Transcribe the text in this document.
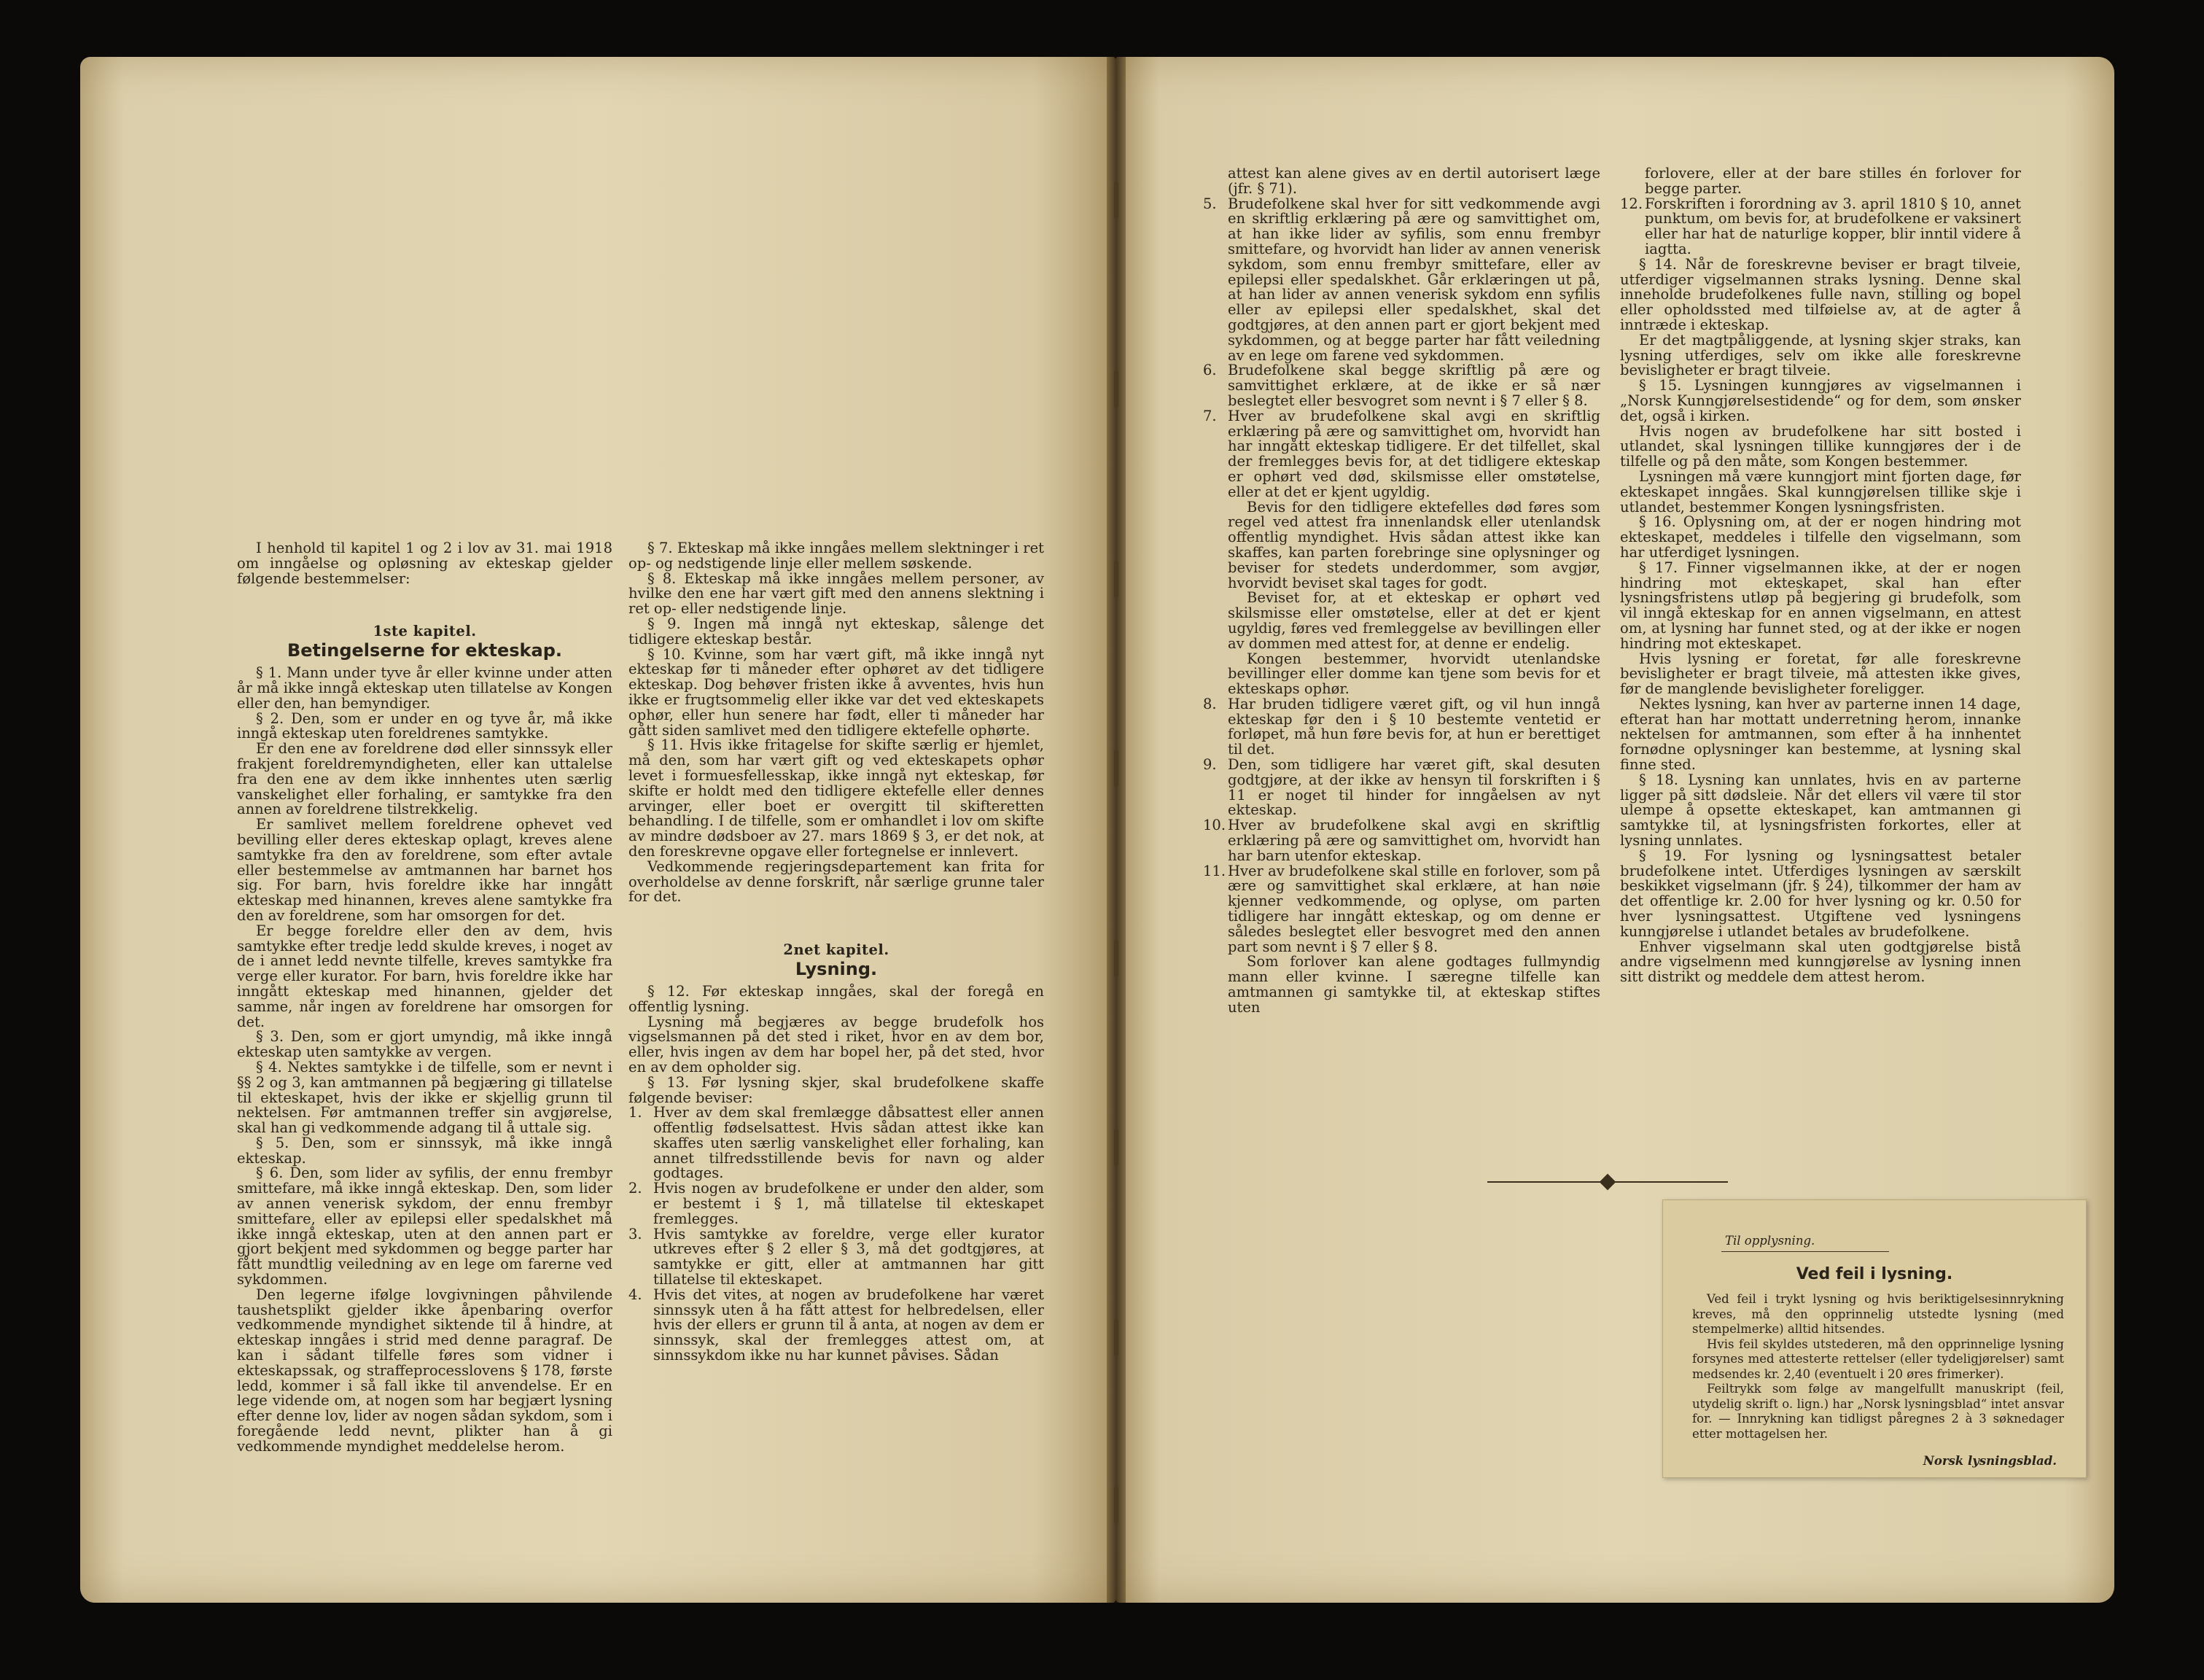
I henhold til kapitel 1 og 2 i lov av 31. mai 1918 om inngåelse og opløsning av ekteskap gjelder følgende bestemmelser:

1ste kapitel.

Betingelserne for ekteskap.

§ 1. Mann under tyve år eller kvinne under atten år må ikke inngå ekteskap uten tillatelse av Kongen eller den, han bemyndiger.

§ 2. Den, som er under en og tyve år, må ikke inngå ekteskap uten foreldrenes samtykke.

Er den ene av foreldrene død eller sinnssyk eller frakjent foreldremyndigheten, eller kan uttalelse fra den ene av dem ikke innhentes uten særlig vanskelighet eller forhaling, er samtykke fra den annen av foreldrene tilstrekkelig.

Er samlivet mellem foreldrene ophevet ved bevilling eller deres ekteskap oplagt, kreves alene samtykke fra den av foreldrene, som efter avtale eller bestemmelse av amtmannen har barnet hos sig. For barn, hvis foreldre ikke har inngått ekteskap med hinannen, kreves alene samtykke fra den av foreldrene, som har omsorgen for det.

Er begge foreldre eller den av dem, hvis samtykke efter tredje ledd skulde kreves, i noget av de i annet ledd nevnte tilfelle, kreves samtykke fra verge eller kurator. For barn, hvis foreldre ikke har inngått ekteskap med hinannen, gjelder det samme, når ingen av foreldrene har omsorgen for det.

§ 3. Den, som er gjort umyndig, må ikke inngå ekteskap uten samtykke av vergen.

§ 4. Nektes samtykke i de tilfelle, som er nevnt i §§ 2 og 3, kan amtmannen på begjæring gi tillatelse til ekteskapet, hvis der ikke er skjellig grunn til nektelsen. Før amtmannen treffer sin avgjørelse, skal han gi vedkommende adgang til å uttale sig.

§ 5. Den, som er sinnssyk, må ikke inngå ekteskap.

§ 6. Den, som lider av syfilis, der ennu frembyr smittefare, må ikke inngå ekteskap. Den, som lider av annen venerisk sykdom, der ennu frembyr smittefare, eller av epilepsi eller spedalskhet må ikke inngå ekteskap, uten at den annen part er gjort bekjent med sykdommen og begge parter har fått mundtlig veiledning av en lege om farerne ved sykdommen.

Den legerne ifølge lovgivningen påhvilende taushetsplikt gjelder ikke åpenbaring overfor vedkommende myndighet siktende til å hindre, at ekteskap inngåes i strid med denne paragraf. De kan i sådant tilfelle føres som vidner i ekteskapssak, og straffeprocesslovens § 178, første ledd, kommer i så fall ikke til anvendelse. Er en lege vidende om, at nogen som har begjært lysning efter denne lov, lider av nogen sådan sykdom, som i foregående ledd nevnt, plikter han å gi vedkommende myndighet meddelelse herom.

§ 7. Ekteskap må ikke inngåes mellem slektninger i ret op- og nedstigende linje eller mellem søskende.

§ 8. Ekteskap må ikke inngåes mellem personer, av hvilke den ene har vært gift med den annens slektning i ret op- eller nedstigende linje.

§ 9. Ingen må inngå nyt ekteskap, sålenge det tidligere ekteskap består.

§ 10. Kvinne, som har vært gift, må ikke inngå nyt ekteskap før ti måneder efter ophøret av det tidligere ekteskap. Dog behøver fristen ikke å avventes, hvis hun ikke er frugtsommelig eller ikke var det ved ekteskapets ophør, eller hun senere har født, eller ti måneder har gått siden samlivet med den tidligere ektefelle ophørte.

§ 11. Hvis ikke fritagelse for skifte særlig er hjemlet, må den, som har vært gift og ved ekteskapets ophør levet i formuesfellesskap, ikke inngå nyt ekteskap, før skifte er holdt med den tidligere ektefelle eller dennes arvinger, eller boet er overgitt til skifteretten behandling. I de tilfelle, som er omhandlet i lov om skifte av mindre dødsboer av 27. mars 1869 § 3, er det nok, at den foreskrevne opgave eller fortegnelse er innlevert.

Vedkommende regjeringsdepartement kan frita for overholdelse av denne forskrift, når særlige grunne taler for det.

2net kapitel.

Lysning.

§ 12. Før ekteskap inngåes, skal der foregå en offentlig lysning.

Lysning må begjæres av begge brudefolk hos vigselsmannen på det sted i riket, hvor en av dem bor, eller, hvis ingen av dem har bopel her, på det sted, hvor en av dem opholder sig.

§ 13. Før lysning skjer, skal brudefolkene skaffe følgende beviser:

1. Hver av dem skal fremlægge dåbsattest eller annen offentlig fødselsattest. Hvis sådan attest ikke kan skaffes uten særlig vanskelighet eller forhaling, kan annet tilfredsstillende bevis for navn og alder godtages.

2. Hvis nogen av brudefolkene er under den alder, som er bestemt i § 1, må tillatelse til ekteskapet fremlegges.

3. Hvis samtykke av foreldre, verge eller kurator utkreves efter § 2 eller § 3, må det godtgjøres, at samtykke er gitt, eller at amtmannen har gitt tillatelse til ekteskapet.

4. Hvis det vites, at nogen av brudefolkene har været sinnssyk uten å ha fått attest for helbredelsen, eller hvis der ellers er grunn til å anta, at nogen av dem er sinnssyk, skal der fremlegges attest om, at sinnssykdom ikke nu har kunnet påvises. Sådan

attest kan alene gives av en dertil autorisert læge (jfr. § 71).

5. Brudefolkene skal hver for sitt vedkommende avgi en skriftlig erklæring på ære og samvittighet om, at han ikke lider av syfilis, som ennu frembyr smittefare, og hvorvidt han lider av annen venerisk sykdom, som ennu frembyr smittefare, eller av epilepsi eller spedalskhet. Går erklæringen ut på, at han lider av annen venerisk sykdom enn syfilis eller av epilepsi eller spedalskhet, skal det godtgjøres, at den annen part er gjort bekjent med sykdommen, og at begge parter har fått veiledning av en lege om farene ved sykdommen.

6. Brudefolkene skal begge skriftlig på ære og samvittighet erklære, at de ikke er så nær beslegtet eller besvogret som nevnt i § 7 eller § 8.

7. Hver av brudefolkene skal avgi en skriftlig erklæring på ære og samvittighet om, hvorvidt han har inngått ekteskap tidligere. Er det tilfellet, skal der fremlegges bevis for, at det tidligere ekteskap er ophørt ved død, skilsmisse eller omstøtelse, eller at det er kjent ugyldig.

Bevis for den tidligere ektefelles død føres som regel ved attest fra innenlandsk eller utenlandsk offentlig myndighet. Hvis sådan attest ikke kan skaffes, kan parten forebringe sine oplysninger og beviser for stedets underdommer, som avgjør, hvorvidt beviset skal tages for godt.

Beviset for, at et ekteskap er ophørt ved skilsmisse eller omstøtelse, eller at det er kjent ugyldig, føres ved fremleggelse av bevillingen eller av dommen med attest for, at denne er endelig.

Kongen bestemmer, hvorvidt utenlandske bevillinger eller domme kan tjene som bevis for et ekteskaps ophør.

8. Har bruden tidligere været gift, og vil hun inngå ekteskap før den i § 10 bestemte ventetid er forløpet, må hun føre bevis for, at hun er berettiget til det.

9. Den, som tidligere har været gift, skal desuten godtgjøre, at der ikke av hensyn til forskriften i § 11 er noget til hinder for inngåelsen av nyt ekteskap.

10. Hver av brudefolkene skal avgi en skriftlig erklæring på ære og samvittighet om, hvorvidt han har barn utenfor ekteskap.

11. Hver av brudefolkene skal stille en forlover, som på ære og samvittighet skal erklære, at han nøie kjenner vedkommende, og oplyse, om parten tidligere har inngått ekteskap, og om denne er således beslegtet eller besvogret med den annen part som nevnt i § 7 eller § 8.

Som forlover kan alene godtages fullmyndig mann eller kvinne. I særegne tilfelle kan amtmannen gi samtykke til, at ekteskap stiftes uten

forlovere, eller at der bare stilles én forlover for begge parter.

12. Forskriften i forordning av 3. april 1810 § 10, annet punktum, om bevis for, at brudefolkene er vaksinert eller har hat de naturlige kopper, blir inntil videre å iagtta.

§ 14. Når de foreskrevne beviser er bragt tilveie, utferdiger vigselmannen straks lysning. Denne skal inneholde brudefolkenes fulle navn, stilling og bopel eller opholdssted med tilføielse av, at de agter å inntræde i ekteskap.

Er det magtpåliggende, at lysning skjer straks, kan lysning utferdiges, selv om ikke alle foreskrevne bevisligheter er bragt tilveie.

§ 15. Lysningen kunngjøres av vigselmannen i „Norsk Kunngjørelsestidende“ og for dem, som ønsker det, også i kirken.

Hvis nogen av brudefolkene har sitt bosted i utlandet, skal lysningen tillike kunngjøres der i de tilfelle og på den måte, som Kongen bestemmer.

Lysningen må være kunngjort mint fjorten dage, før ekteskapet inngåes. Skal kunngjørelsen tillike skje i utlandet, bestemmer Kongen lysningsfristen.

§ 16. Oplysning om, at der er nogen hindring mot ekteskapet, meddeles i tilfelle den vigselmann, som har utferdiget lysningen.

§ 17. Finner vigselmannen ikke, at der er nogen hindring mot ekteskapet, skal han efter lysningsfristens utløp på begjering gi brudefolk, som vil inngå ekteskap for en annen vigselmann, en attest om, at lysning har funnet sted, og at der ikke er nogen hindring mot ekteskapet.

Hvis lysning er foretat, før alle foreskrevne bevisligheter er bragt tilveie, må attesten ikke gives, før de manglende bevisligheter foreligger.

Nektes lysning, kan hver av parterne innen 14 dage, efterat han har mottatt underretning herom, innanke nektelsen for amtmannen, som efter å ha innhentet fornødne oplysninger kan bestemme, at lysning skal finne sted.

§ 18. Lysning kan unnlates, hvis en av parterne ligger på sitt dødsleie. Når det ellers vil være til stor ulempe å opsette ekteskapet, kan amtmannen gi samtykke til, at lysningsfristen forkortes, eller at lysning unnlates.

§ 19. For lysning og lysningsattest betaler brudefolkene intet. Utferdiges lysningen av særskilt beskikket vigselmann (jfr. § 24), tilkommer der ham av det offentlige kr. 2.00 for hver lysning og kr. 0.50 for hver lysningsattest. Utgiftene ved lysningens kunngjørelse i utlandet betales av brudefolkene.

Enhver vigselmann skal uten godtgjørelse bistå andre vigselmenn med kunngjørelse av lysning innen sitt distrikt og meddele dem attest herom.

Til opplysning.
Ved feil i lysning.

Ved feil i trykt lysning og hvis beriktigelsesinnrykning kreves, må den opprinnelig utstedte lysning (med stempelmerke) alltid hitsendes.

Hvis feil skyldes utstederen, må den opprinnelige lysning forsynes med attesterte rettelser (eller tydeligjørelser) samt medsendes kr. 2,40 (eventuelt i 20 øres frimerker).

Feiltrykk som følge av mangelfullt manuskript (feil, utydelig skrift o. lign.) har „Norsk lysningsblad“ intet ansvar for. — Innrykning kan tidligst påregnes 2 à 3 søknedager etter mottagelsen her.

Norsk lysningsblad.
